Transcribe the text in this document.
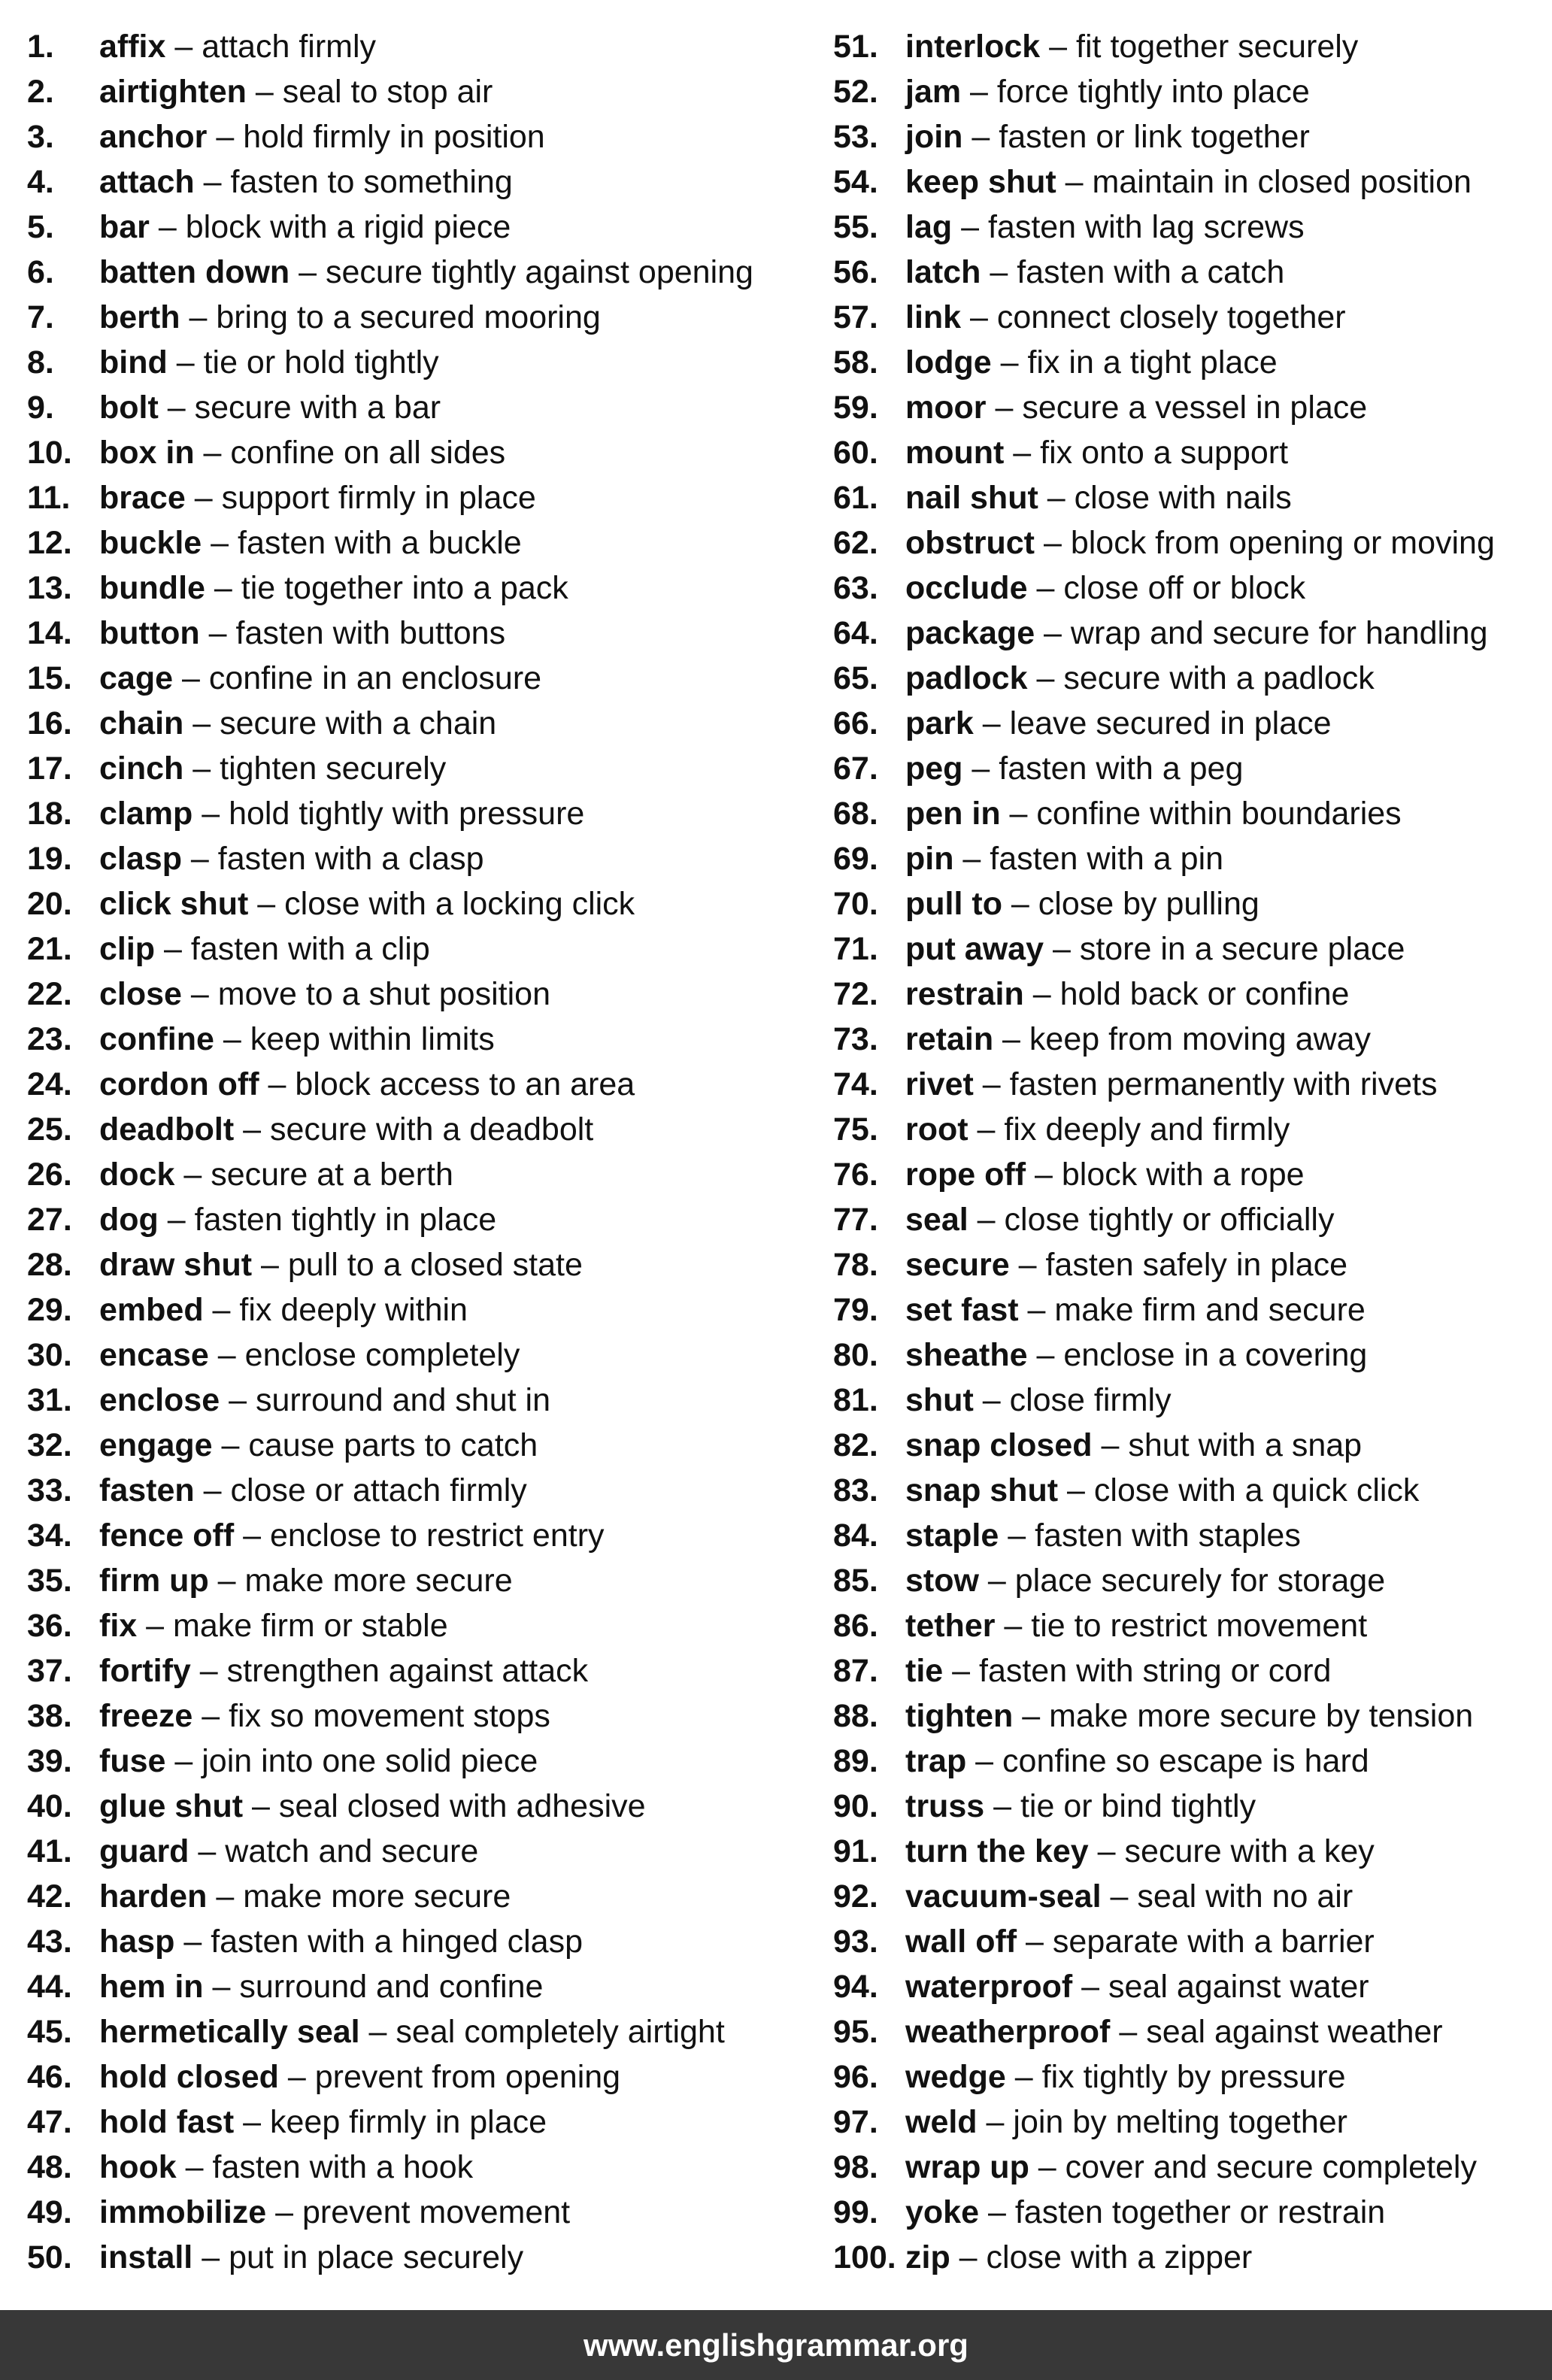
1. affix – attach firmly
2. airtighten – seal to stop air
3. anchor – hold firmly in position
4. attach – fasten to something
5. bar – block with a rigid piece
6. batten down – secure tightly against opening
7. berth – bring to a secured mooring
8. bind – tie or hold tightly
9. bolt – secure with a bar
10. box in – confine on all sides
11. brace – support firmly in place
12. buckle – fasten with a buckle
13. bundle – tie together into a pack
14. button – fasten with buttons
15. cage – confine in an enclosure
16. chain – secure with a chain
17. cinch – tighten securely
18. clamp – hold tightly with pressure
19. clasp – fasten with a clasp
20. click shut – close with a locking click
21. clip – fasten with a clip
22. close – move to a shut position
23. confine – keep within limits
24. cordon off – block access to an area
25. deadbolt – secure with a deadbolt
26. dock – secure at a berth
27. dog – fasten tightly in place
28. draw shut – pull to a closed state
29. embed – fix deeply within
30. encase – enclose completely
31. enclose – surround and shut in
32. engage – cause parts to catch
33. fasten – close or attach firmly
34. fence off – enclose to restrict entry
35. firm up – make more secure
36. fix – make firm or stable
37. fortify – strengthen against attack
38. freeze – fix so movement stops
39. fuse – join into one solid piece
40. glue shut – seal closed with adhesive
41. guard – watch and secure
42. harden – make more secure
43. hasp – fasten with a hinged clasp
44. hem in – surround and confine
45. hermetically seal – seal completely airtight
46. hold closed – prevent from opening
47. hold fast – keep firmly in place
48. hook – fasten with a hook
49. immobilize – prevent movement
50. install – put in place securely
51. interlock – fit together securely
52. jam – force tightly into place
53. join – fasten or link together
54. keep shut – maintain in closed position
55. lag – fasten with lag screws
56. latch – fasten with a catch
57. link – connect closely together
58. lodge – fix in a tight place
59. moor – secure a vessel in place
60. mount – fix onto a support
61. nail shut – close with nails
62. obstruct – block from opening or moving
63. occlude – close off or block
64. package – wrap and secure for handling
65. padlock – secure with a padlock
66. park – leave secured in place
67. peg – fasten with a peg
68. pen in – confine within boundaries
69. pin – fasten with a pin
70. pull to – close by pulling
71. put away – store in a secure place
72. restrain – hold back or confine
73. retain – keep from moving away
74. rivet – fasten permanently with rivets
75. root – fix deeply and firmly
76. rope off – block with a rope
77. seal – close tightly or officially
78. secure – fasten safely in place
79. set fast – make firm and secure
80. sheathe – enclose in a covering
81. shut – close firmly
82. snap closed – shut with a snap
83. snap shut – close with a quick click
84. staple – fasten with staples
85. stow – place securely for storage
86. tether – tie to restrict movement
87. tie – fasten with string or cord
88. tighten – make more secure by tension
89. trap – confine so escape is hard
90. truss – tie or bind tightly
91. turn the key – secure with a key
92. vacuum-seal – seal with no air
93. wall off – separate with a barrier
94. waterproof – seal against water
95. weatherproof – seal against weather
96. wedge – fix tightly by pressure
97. weld – join by melting together
98. wrap up – cover and secure completely
99. yoke – fasten together or restrain
100. zip – close with a zipper
www.englishgrammar.org
